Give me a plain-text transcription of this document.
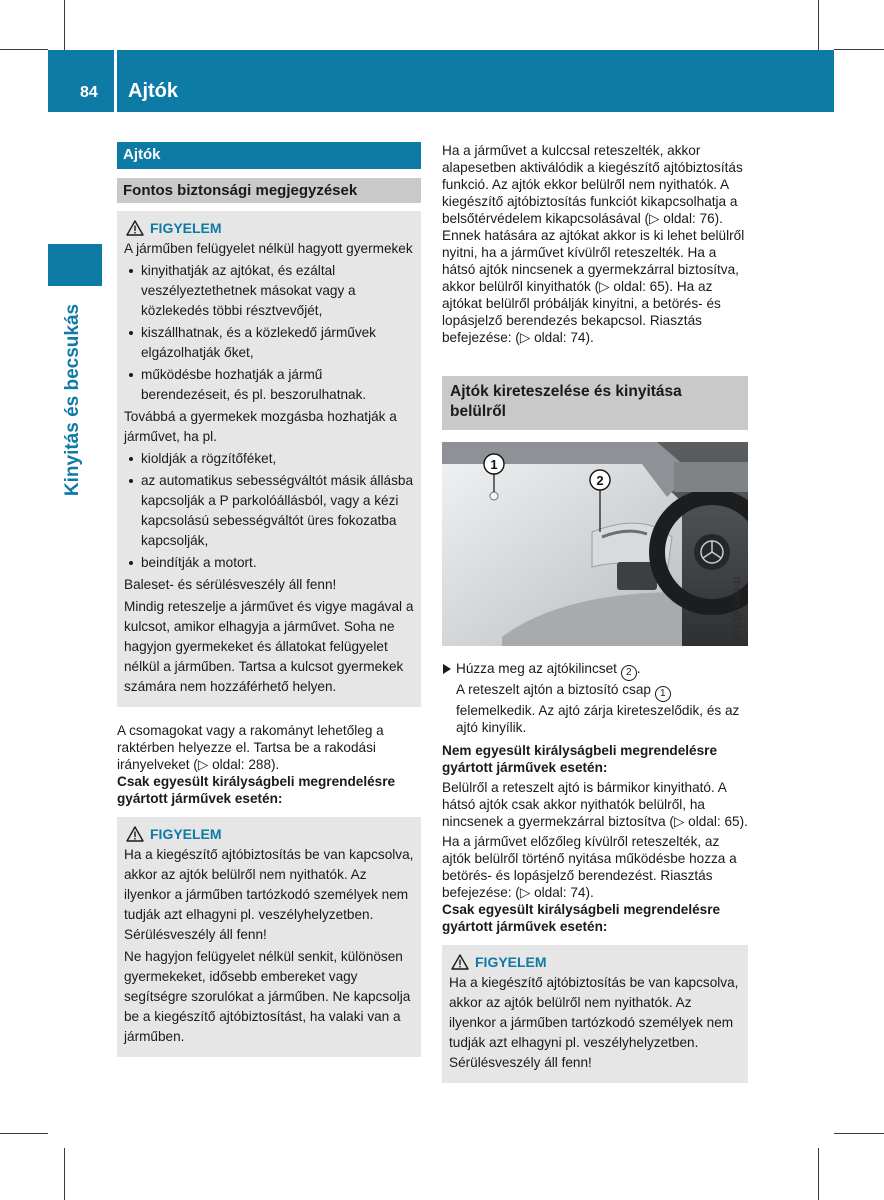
84 Ajtók
Kinyitás és becsukás
Ajtók
Fontos biztonsági megjegyzések
FIGYELEM

A járműben felügyelet nélkül hagyott gyermekek

kinyithatják az ajtókat, és ezáltal veszélyeztethetnek másokat vagy a közlekedés többi résztvevőjét,
kiszállhatnak, és a közlekedő járművek elgázolhatják őket,
működésbe hozhatják a jármű berendezéseit, és pl. beszorulhatnak.

Továbbá a gyermekek mozgásba hozhatják a járművet, ha pl.

kioldják a rögzítőféket,
az automatikus sebességváltót másik állásba kapcsolják a P parkolóállásból, vagy a kézi kapcsolású sebességváltót üres fokozatba kapcsolják,
beindítják a motort.

Baleset- és sérülésveszély áll fenn!

Mindig reteszelje a járművet és vigye magával a kulcsot, amikor elhagyja a járművet. Soha ne hagyjon gyermekeket és állatokat felügyelet nélkül a járműben. Tartsa a kulcsot gyermekek számára nem hozzáférhető helyen.

A csomagokat vagy a rakományt lehetőleg a raktérben helyezze el. Tartsa be a rakodási irányelveket (▷ oldal: 288).

Csak egyesült királyságbeli megrendelésre gyártott járművek esetén:

FIGYELEM

Ha a kiegészítő ajtóbiztosítás be van kapcsolva, akkor az ajtók belülről nem nyithatók. Az ilyenkor a járműben tartózkodó személyek nem tudják azt elhagyni pl. veszélyhelyzetben. Sérülésveszély áll fenn!

Ne hagyjon felügyelet nélkül senkit, különösen gyermekeket, idősebb embereket vagy segítségre szorulókat a járműben. Ne kapcsolja be a kiegészítő ajtóbiztosítást, ha valaki van a járműben.

Ha a járművet a kulccsal reteszelték, akkor alapesetben aktiválódik a kiegészítő ajtóbiztosítás funkció. Az ajtók ekkor belülről nem nyithatók. A kiegészítő ajtóbiztosítás funkciót kikapcsolhatja a belsőtérvédelem kikapcsolásával (▷ oldal: 76). Ennek hatására az ajtókat akkor is ki lehet belülről nyitni, ha a járművet kívülről reteszelték. Ha a hátsó ajtók nincsenek a gyermekzárral biztosítva, akkor belülről kinyithatók (▷ oldal: 65). Ha az ajtókat belülről próbálják kinyitni, a betörés- és lopásjelző berendezés bekapcsol. Riasztás befejezése: (▷ oldal: 74).

Ajtók kireteszelése és kinyitása belülről
1
2
P72.10-4300-31
Húzza meg az ajtókilincset 2 .
A reteszelt ajtón a biztosító csap 1 felemelkedik. Az ajtó zárja kireteszelődik, és az ajtó kinyílik.

Nem egyesült királyságbeli megrendelésre gyártott járművek esetén:

Belülről a reteszelt ajtó is bármikor kinyitható. A hátsó ajtók csak akkor nyithatók belülről, ha nincsenek a gyermekzárral biztosítva (▷ oldal: 65).

Ha a járművet előzőleg kívülről reteszelték, az ajtók belülről történő nyitása működésbe hozza a betörés- és lopásjelző berendezést. Riasztás befejezése: (▷ oldal: 74).

Csak egyesült királyságbeli megrendelésre gyártott járművek esetén:

FIGYELEM

Ha a kiegészítő ajtóbiztosítás be van kapcsolva, akkor az ajtók belülről nem nyithatók. Az ilyenkor a járműben tartózkodó személyek nem tudják azt elhagyni pl. veszélyhelyzetben. Sérülésveszély áll fenn!
